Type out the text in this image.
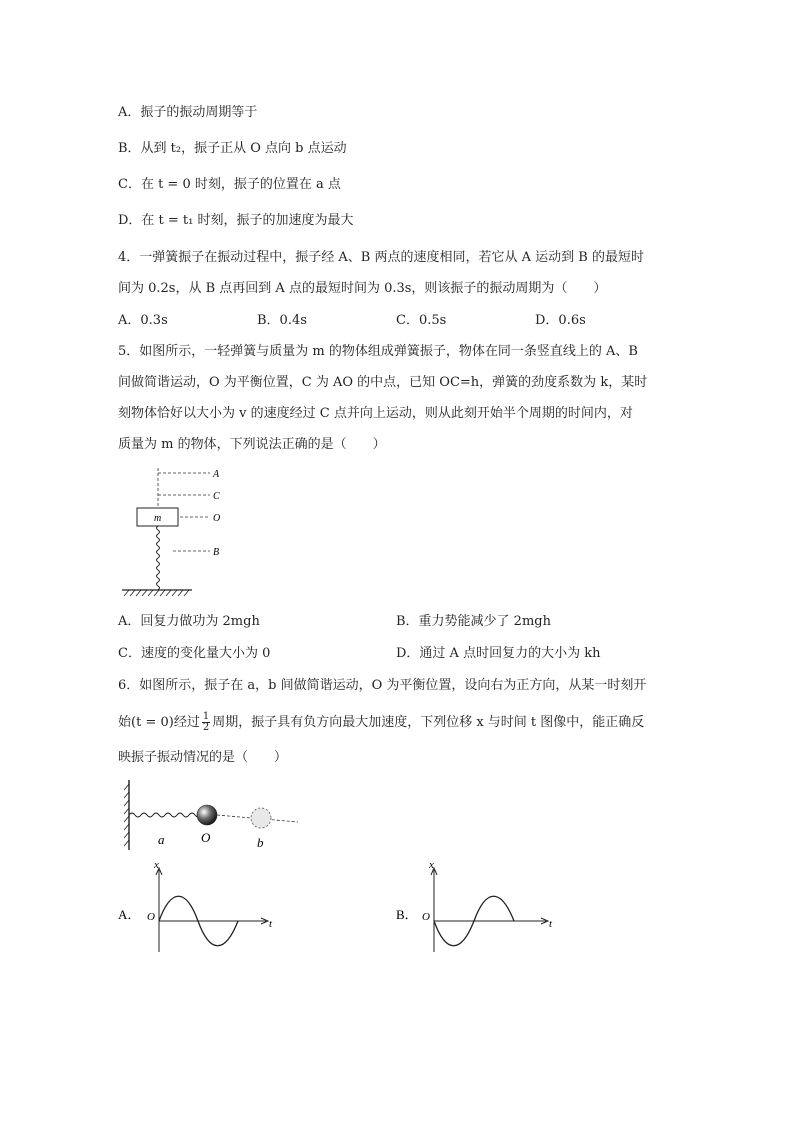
A．振子的振动周期等于
B．从到 t₂，振子正从 O 点向 b 点运动
C．在 t = 0 时刻，振子的位置在 a 点
D．在 t = t₁ 时刻，振子的加速度为最大
4．一弹簧振子在振动过程中，振子经 A、B 两点的速度相同，若它从 A 运动到 B 的最短时
间为 0.2s，从 B 点再回到 A 点的最短时间为 0.3s，则该振子的振动周期为（　　）
A．0.3s	B．0.4s	C．0.5s	D．0.6s
5．如图所示，一轻弹簧与质量为 m 的物体组成弹簧振子，物体在同一条竖直线上的 A、B
间做简谐运动，O 为平衡位置，C 为 AO 的中点，已知 OC=h，弹簧的劲度系数为 k，某时
刻物体恰好以大小为 v 的速度经过 C 点并向上运动，则从此刻开始半个周期的时间内，对
质量为 m 的物体，下列说法正确的是（　　）
m
A
C
O
B
A．回复力做功为 2mgh	B．重力势能减少了 2mgh
C．速度的变化量大小为 0	D．通过 A 点时回复力的大小为 kh
6．如图所示，振子在 a，b 间做简谐运动，O 为平衡位置，设向右为正方向，从某一时刻开
始 (t = 0) 经过 $\frac{1}{2}$ 周期，振子具有负方向最大加速度，下列位移 x 与时间 t 图像中，能正确反
映振子振动情况的是（　　）
a	O	b
A．
x
t
O	B．
x
t
O
